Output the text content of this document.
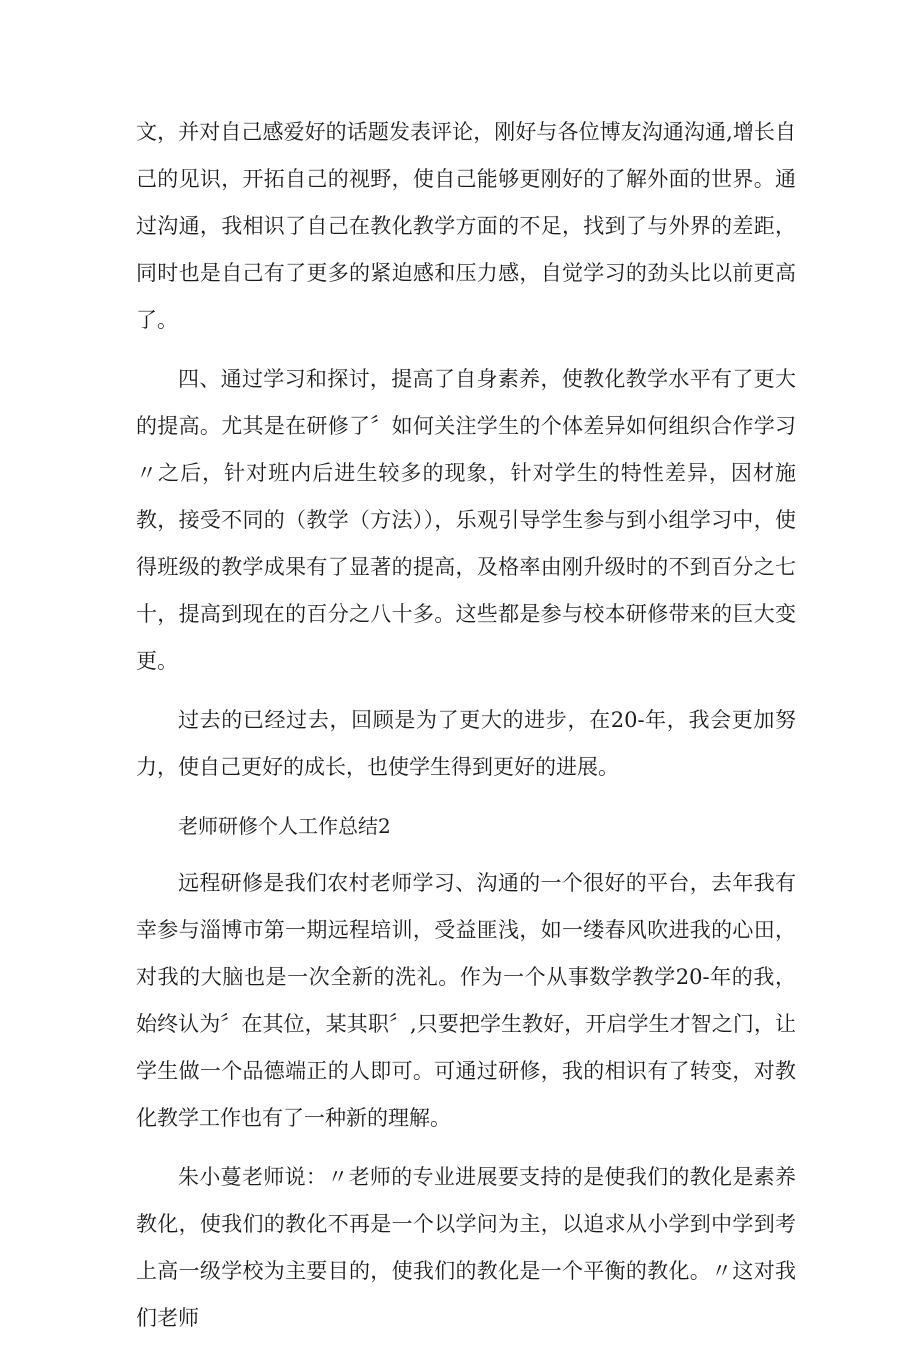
文，并对自己感爱好的话题发表评论，刚好与各位博友沟通沟通,增长自己的见识，开拓自己的视野，使自己能够更刚好的了解外面的世界。通过沟通，我相识了自己在教化教学方面的不足，找到了与外界的差距，同时也是自己有了更多的紧迫感和压力感，自觉学习的劲头比以前更高了。

四、通过学习和探讨，提高了自身素养，使教化教学水平有了更大的提高。尤其是在研修了〞如何关注学生的个体差异如何组织合作学习〃之后，针对班内后进生较多的现象，针对学生的特性差异，因材施教，接受不同的（教学（方法）），乐观引导学生参与到小组学习中，使得班级的教学成果有了显著的提高，及格率由刚升级时的不到百分之七十，提高到现在的百分之八十多。这些都是参与校本研修带来的巨大变更。

过去的已经过去，回顾是为了更大的进步，在20-年，我会更加努力，使自己更好的成长，也使学生得到更好的进展。

老师研修个人工作总结2

远程研修是我们农村老师学习、沟通的一个很好的平台，去年我有幸参与淄博市第一期远程培训，受益匪浅，如一缕春风吹进我的心田，对我的大脑也是一次全新的洗礼。作为一个从事数学教学20-年的我，始终认为〞在其位，某其职〞,只要把学生教好，开启学生才智之门，让学生做一个品德端正的人即可。可通过研修，我的相识有了转变，对教化教学工作也有了一种新的理解。

朱小蔓老师说：〃老师的专业进展要支持的是使我们的教化是素养教化，使我们的教化不再是一个以学问为主，以追求从小学到中学到考上高一级学校为主要目的，使我们的教化是一个平衡的教化。〃这对我们老师
